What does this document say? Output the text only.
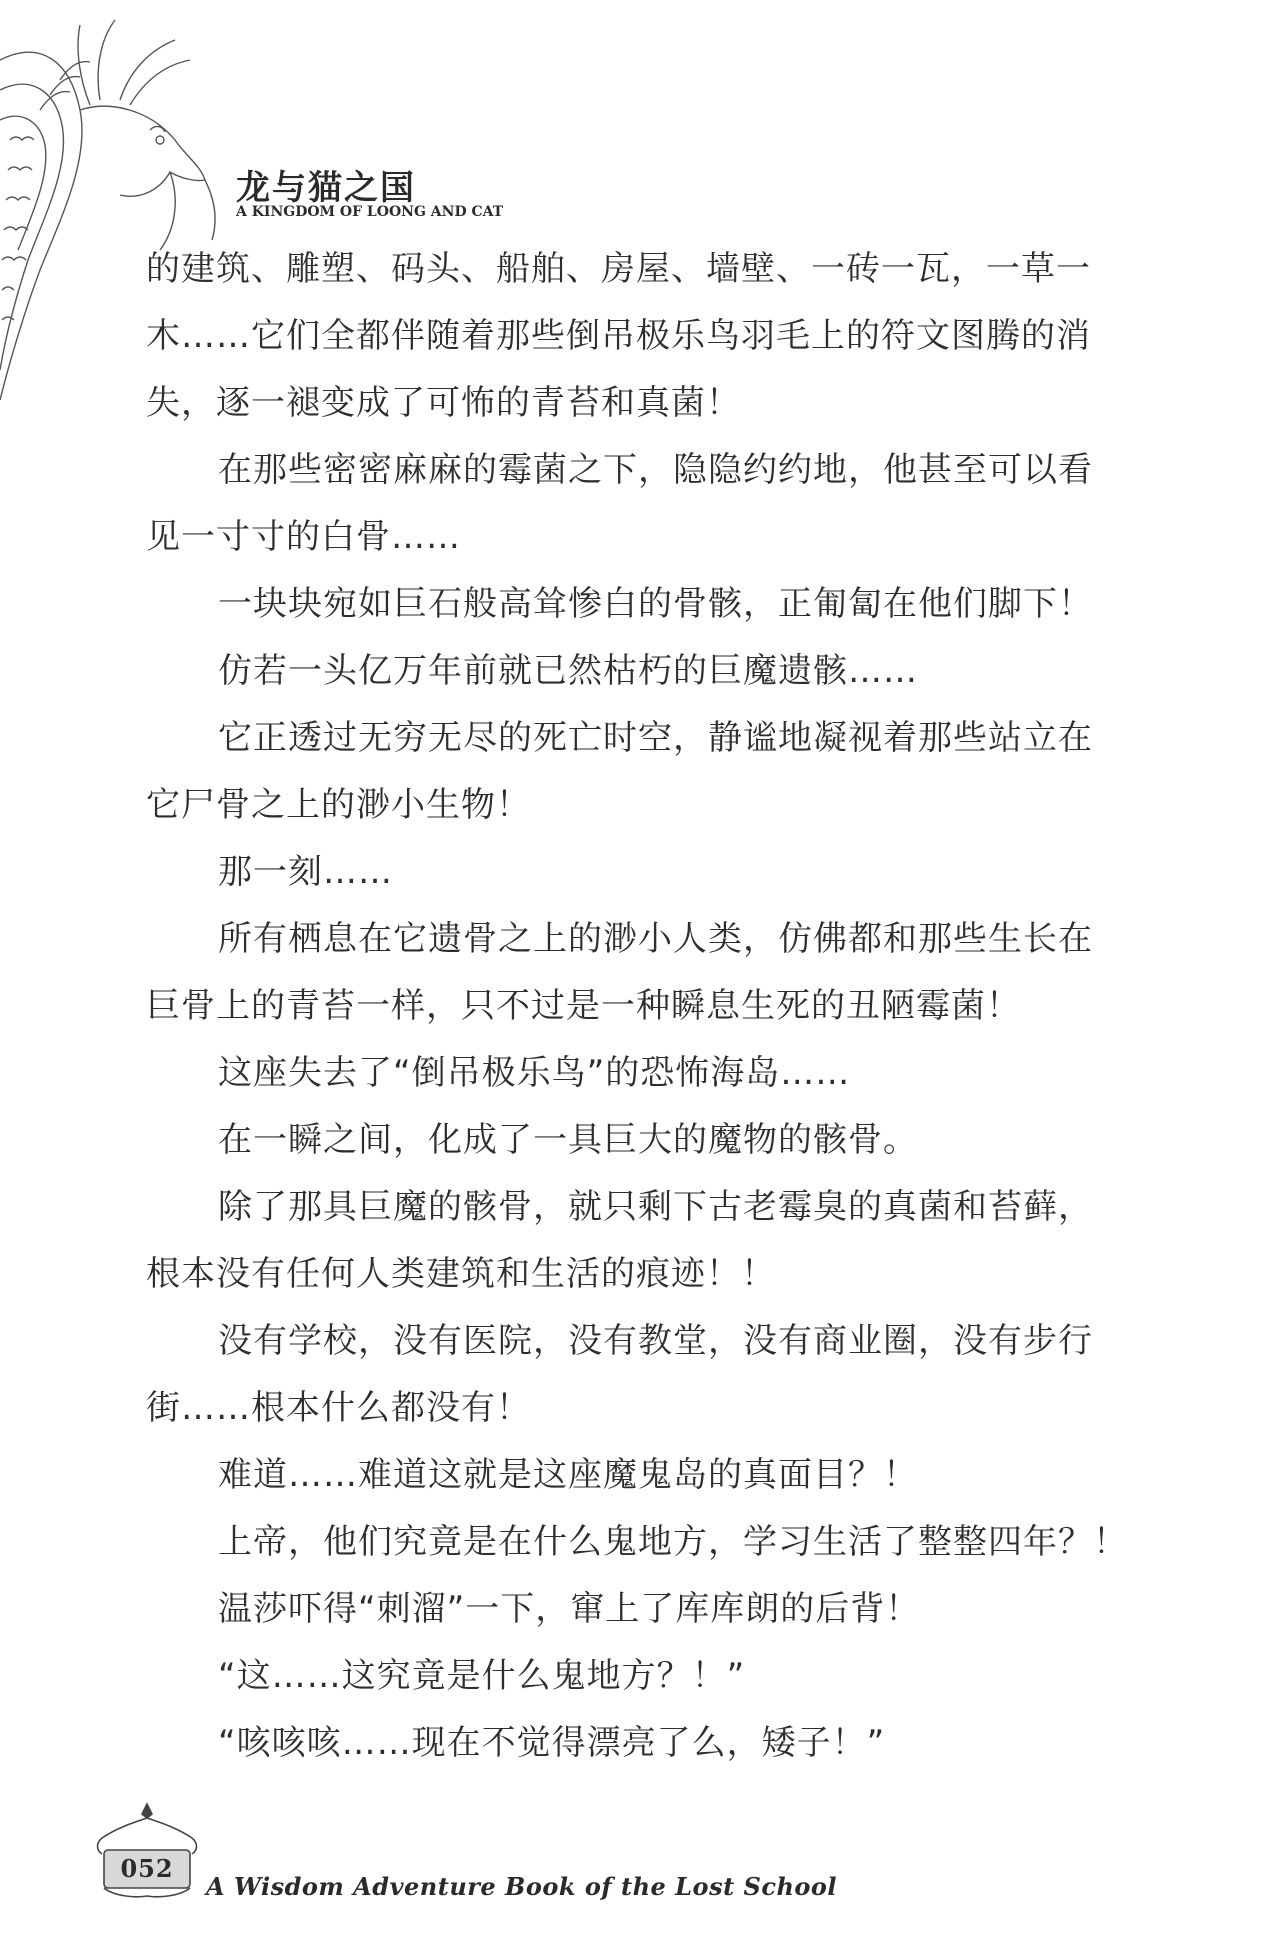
龙与猫之国
A KINGDOM OF LOONG AND CAT

的建筑、雕塑、码头、船舶、房屋、墙壁、一砖一瓦，一草一

木……它们全都伴随着那些倒吊极乐鸟羽毛上的符文图腾的消

失，逐一褪变成了可怖的青苔和真菌！

在那些密密麻麻的霉菌之下，隐隐约约地，他甚至可以看

见一寸寸的白骨……

一块块宛如巨石般高耸惨白的骨骸，正匍匐在他们脚下！

仿若一头亿万年前就已然枯朽的巨魔遗骸……

它正透过无穷无尽的死亡时空，静谧地凝视着那些站立在

它尸骨之上的渺小生物！

那一刻……

所有栖息在它遗骨之上的渺小人类，仿佛都和那些生长在

巨骨上的青苔一样，只不过是一种瞬息生死的丑陋霉菌！

这座失去了“倒吊极乐鸟”的恐怖海岛……

在一瞬之间，化成了一具巨大的魔物的骸骨。

除了那具巨魔的骸骨，就只剩下古老霉臭的真菌和苔藓，

根本没有任何人类建筑和生活的痕迹！！

没有学校，没有医院，没有教堂，没有商业圈，没有步行

街……根本什么都没有！

难道……难道这就是这座魔鬼岛的真面目？！

上帝，他们究竟是在什么鬼地方，学习生活了整整四年？！

温莎吓得“刺溜”一下，窜上了库库朗的后背！

“这……这究竟是什么鬼地方？！”

“咳咳咳……现在不觉得漂亮了么，矮子！”

052
A Wisdom Adventure Book of the Lost School
